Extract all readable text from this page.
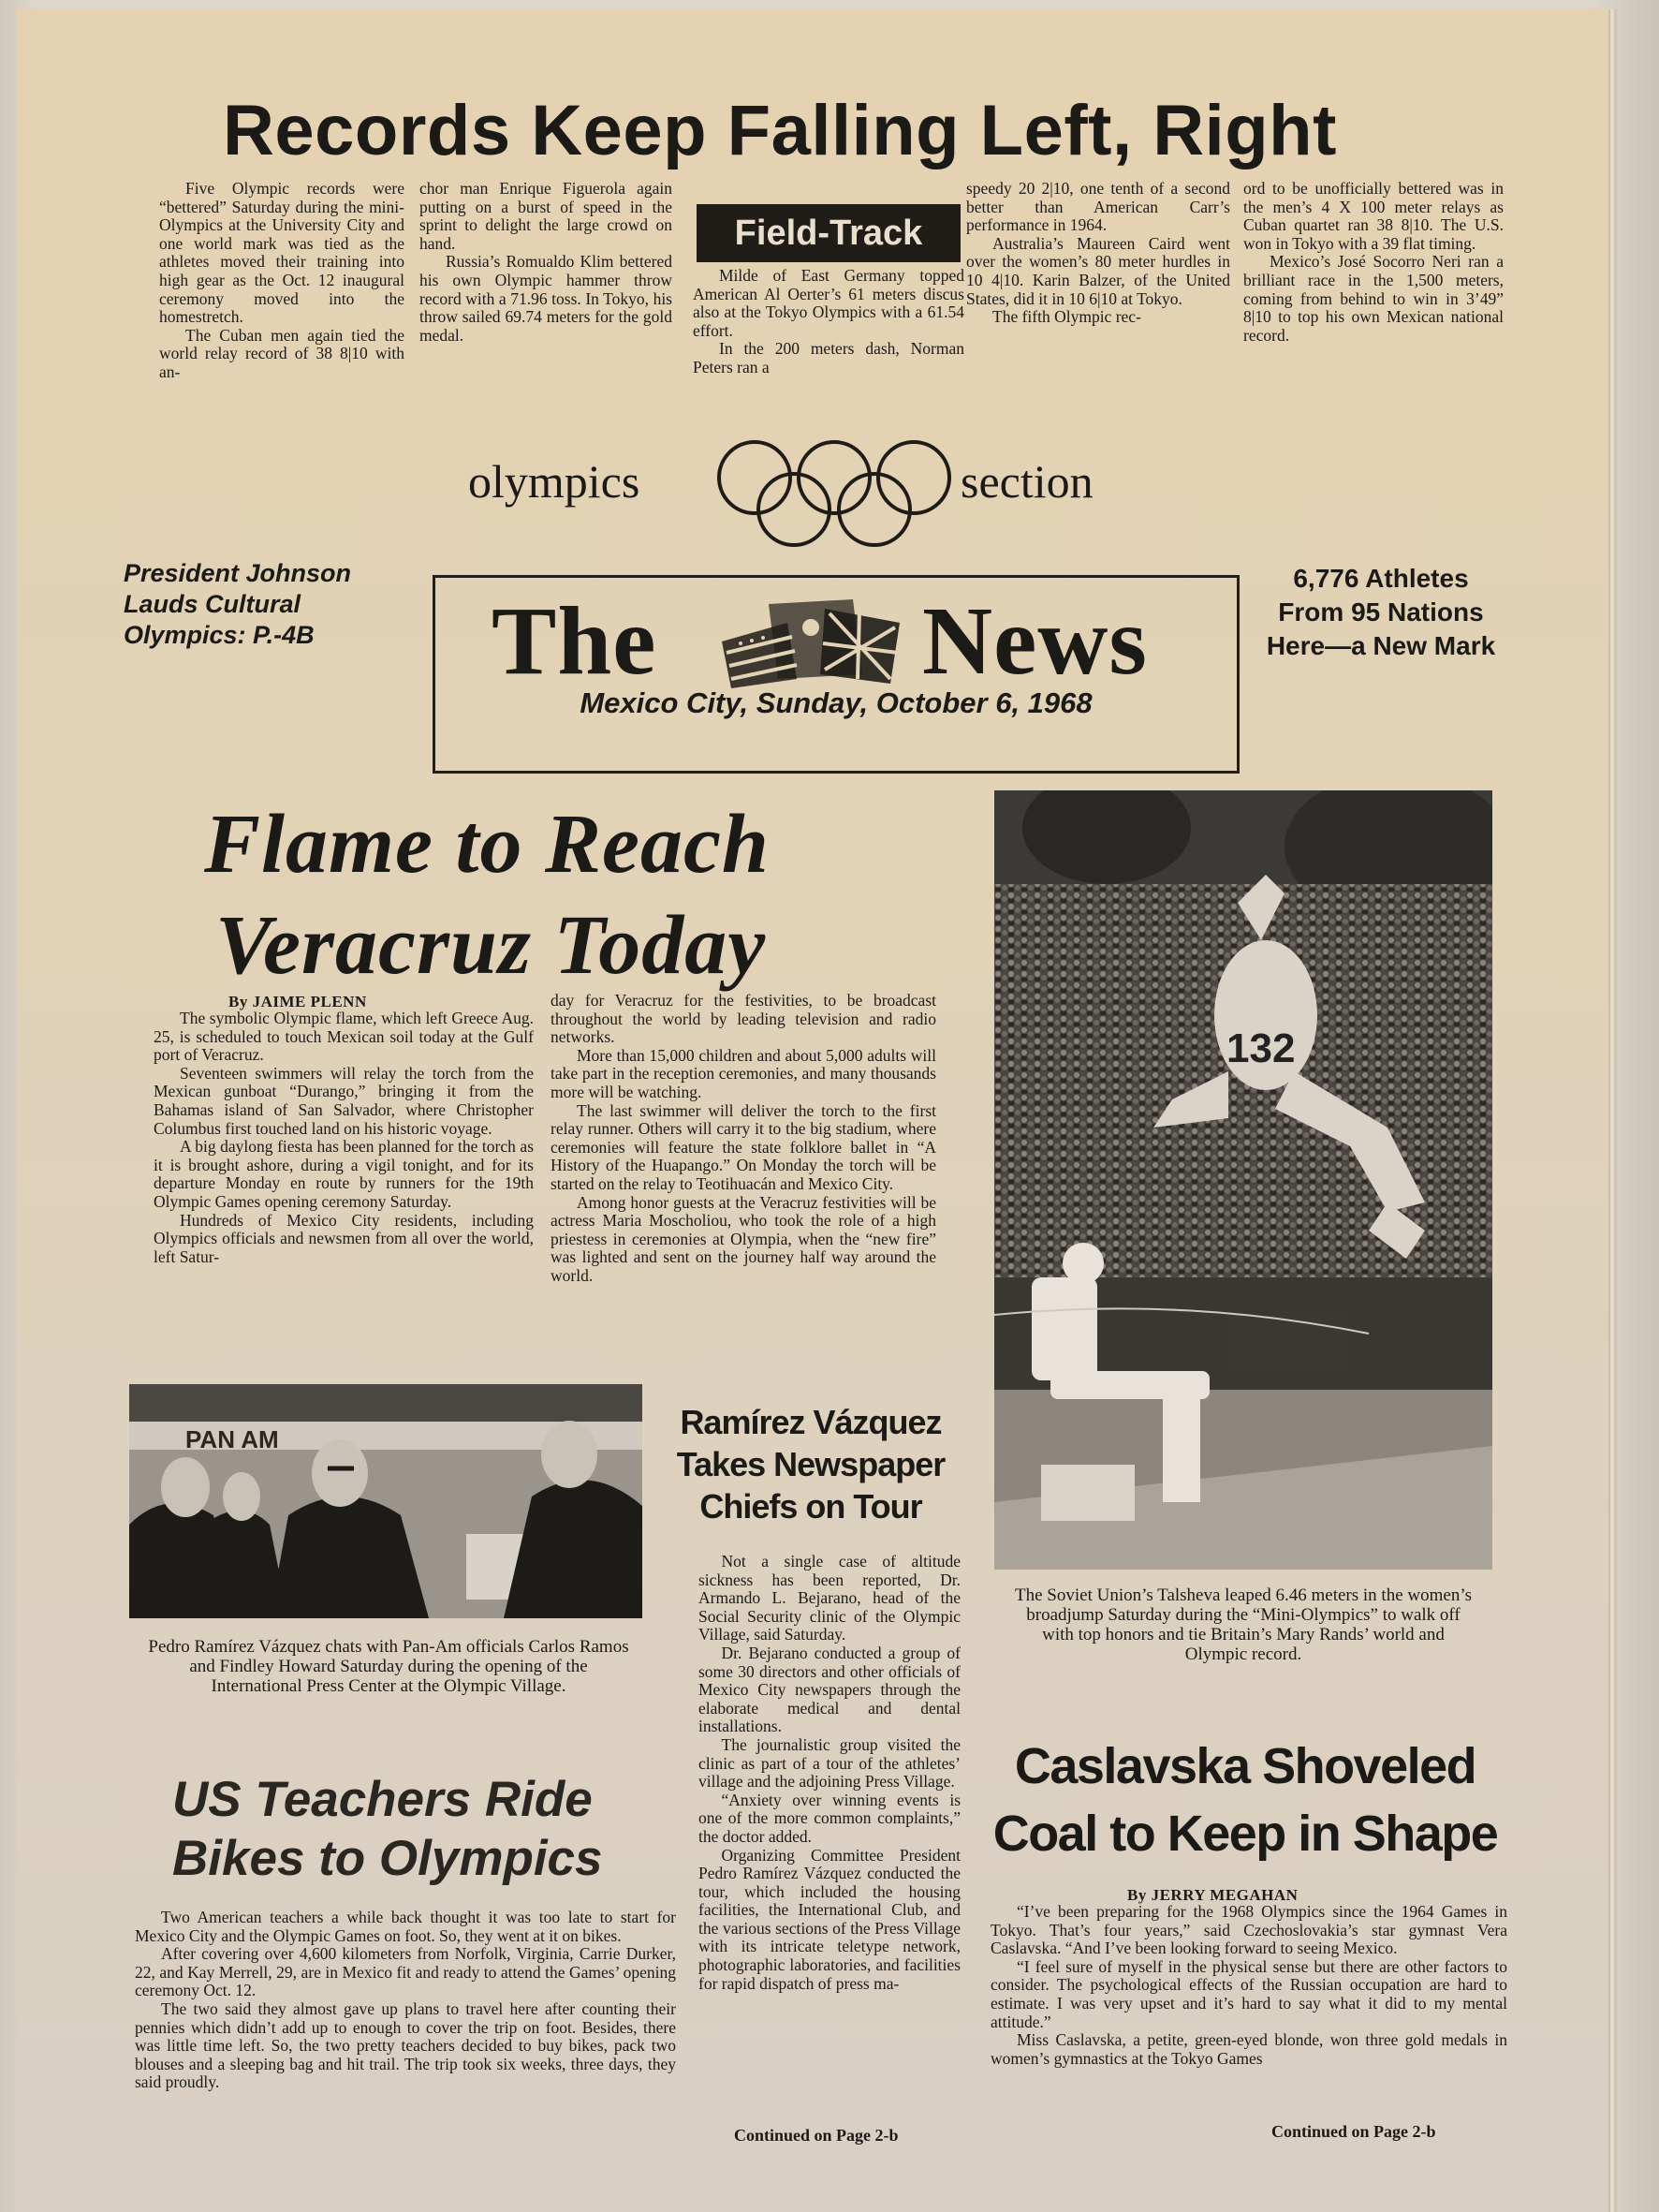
Records Keep Falling Left, Right

Five Olympic records were “bettered” Saturday during the mini-Olympics at the University City and one world mark was tied as the athletes moved their training into high gear as the Oct. 12 inaugural ceremony moved into the homestretch.

The Cuban men again tied the world relay record of 38 8|10 with an-

chor man Enrique Figuerola again putting on a burst of speed in the sprint to delight the large crowd on hand.

Russia’s Romualdo Klim bettered his own Olympic hammer throw record with a 71.96 toss. In Tokyo, his throw sailed 69.74 meters for the gold medal.

Field-Track

Milde of East Germany topped American Al Oerter’s 61 meters discus also at the Tokyo Olympics with a 61.54 effort.

In the 200 meters dash, Norman Peters ran a

speedy 20 2|10, one tenth of a second better than American Carr’s performance in 1964.

Australia’s Maureen Caird went over the women’s 80 meter hurdles in 10 4|10. Karin Balzer, of the United States, did it in 10 6|10 at Tokyo.

The fifth Olympic rec-

ord to be unofficially bettered was in the men’s 4 X 100 meter relays as Cuban quartet ran 38 8|10. The U.S. won in Tokyo with a 39 flat timing.

Mexico’s José Socorro Neri ran a brilliant race in the 1,500 meters, coming from behind to win in 3’49” 8|10 to top his own Mexican national record.

olympics	section
President Johnson
Lauds Cultural
Olympics: P.-4B
6,776 Athletes
From 95 Nations
Here—a New Mark
The	News
Mexico City, Sunday, October 6, 1968
Flame to Reach
Veracruz Today
By JAIME PLENN

The symbolic Olympic flame, which left Greece Aug. 25, is scheduled to touch Mexican soil today at the Gulf port of Veracruz.

Seventeen swimmers will relay the torch from the Mexican gunboat “Durango,” bringing it from the Bahamas island of San Salvador, where Christopher Columbus first touched land on his historic voyage.

A big daylong fiesta has been planned for the torch as it is brought ashore, during a vigil tonight, and for its departure Monday en route by runners for the 19th Olympic Games opening ceremony Saturday.

Hundreds of Mexico City residents, including Olympics officials and newsmen from all over the world, left Satur-

day for Veracruz for the festivities, to be broadcast throughout the world by leading television and radio networks.

More than 15,000 children and about 5,000 adults will take part in the reception ceremonies, and many thousands more will be watching.

The last swimmer will deliver the torch to the first relay runner. Others will carry it to the big stadium, where ceremonies will feature the state folklore ballet in “A History of the Huapango.” On Monday the torch will be started on the relay to Teotihuacán and Mexico City.

Among honor guests at the Veracruz festivities will be actress Maria Moscholiou, who took the role of a high priestess in ceremonies at Olympia, when the “new fire” was lighted and sent on the journey half way around the world.

132
The Soviet Union’s Talsheva leaped 6.46 meters in the women’s broadjump Saturday during the “Mini-Olympics” to walk off with top honors and tie Britain’s Mary Rands’ world and Olympic record.
PAN AM
Pedro Ramírez Vázquez chats with Pan-Am officials Carlos Ramos and Findley Howard Saturday during the opening of the International Press Center at the Olympic Village.
Ramírez Vázquez
Takes Newspaper
Chiefs on Tour

Not a single case of altitude sickness has been reported, Dr. Armando L. Bejarano, head of the Social Security clinic of the Olympic Village, said Saturday.

Dr. Bejarano conducted a group of some 30 directors and other officials of Mexico City newspapers through the elaborate medical and dental installations.

The journalistic group visited the clinic as part of a tour of the athletes’ village and the adjoining Press Village.

“Anxiety over winning events is one of the more common complaints,” the doctor added.

Organizing Committee President Pedro Ramírez Vázquez conducted the tour, which included the housing facilities, the International Club, and the various sections of the Press Village with its intricate teletype network, photographic laboratories, and facilities for rapid dispatch of press ma-

Continued on Page 2-b
US Teachers Ride
Bikes to Olympics

Two American teachers a while back thought it was too late to start for Mexico City and the Olympic Games on foot. So, they went at it on bikes.

After covering over 4,600 kilometers from Norfolk, Virginia, Carrie Durker, 22, and Kay Merrell, 29, are in Mexico fit and ready to attend the Games’ opening ceremony Oct. 12.

The two said they almost gave up plans to travel here after counting their pennies which didn’t add up to enough to cover the trip on foot. Besides, there was little time left. So, the two pretty teachers decided to buy bikes, pack two blouses and a sleeping bag and hit trail. The trip took six weeks, three days, they said proudly.

Caslavska Shoveled
Coal to Keep in Shape
By JERRY MEGAHAN

“I’ve been preparing for the 1968 Olympics since the 1964 Games in Tokyo. That’s four years,” said Czechoslovakia’s star gymnast Vera Caslavska. “And I’ve been looking forward to seeing Mexico.

“I feel sure of myself in the physical sense but there are other factors to consider. The psychological effects of the Russian occupation are hard to estimate. I was very upset and it’s hard to say what it did to my mental attitude.”

Miss Caslavska, a petite, green-eyed blonde, won three gold medals in women’s gymnastics at the Tokyo Games

Continued on Page 2-b
